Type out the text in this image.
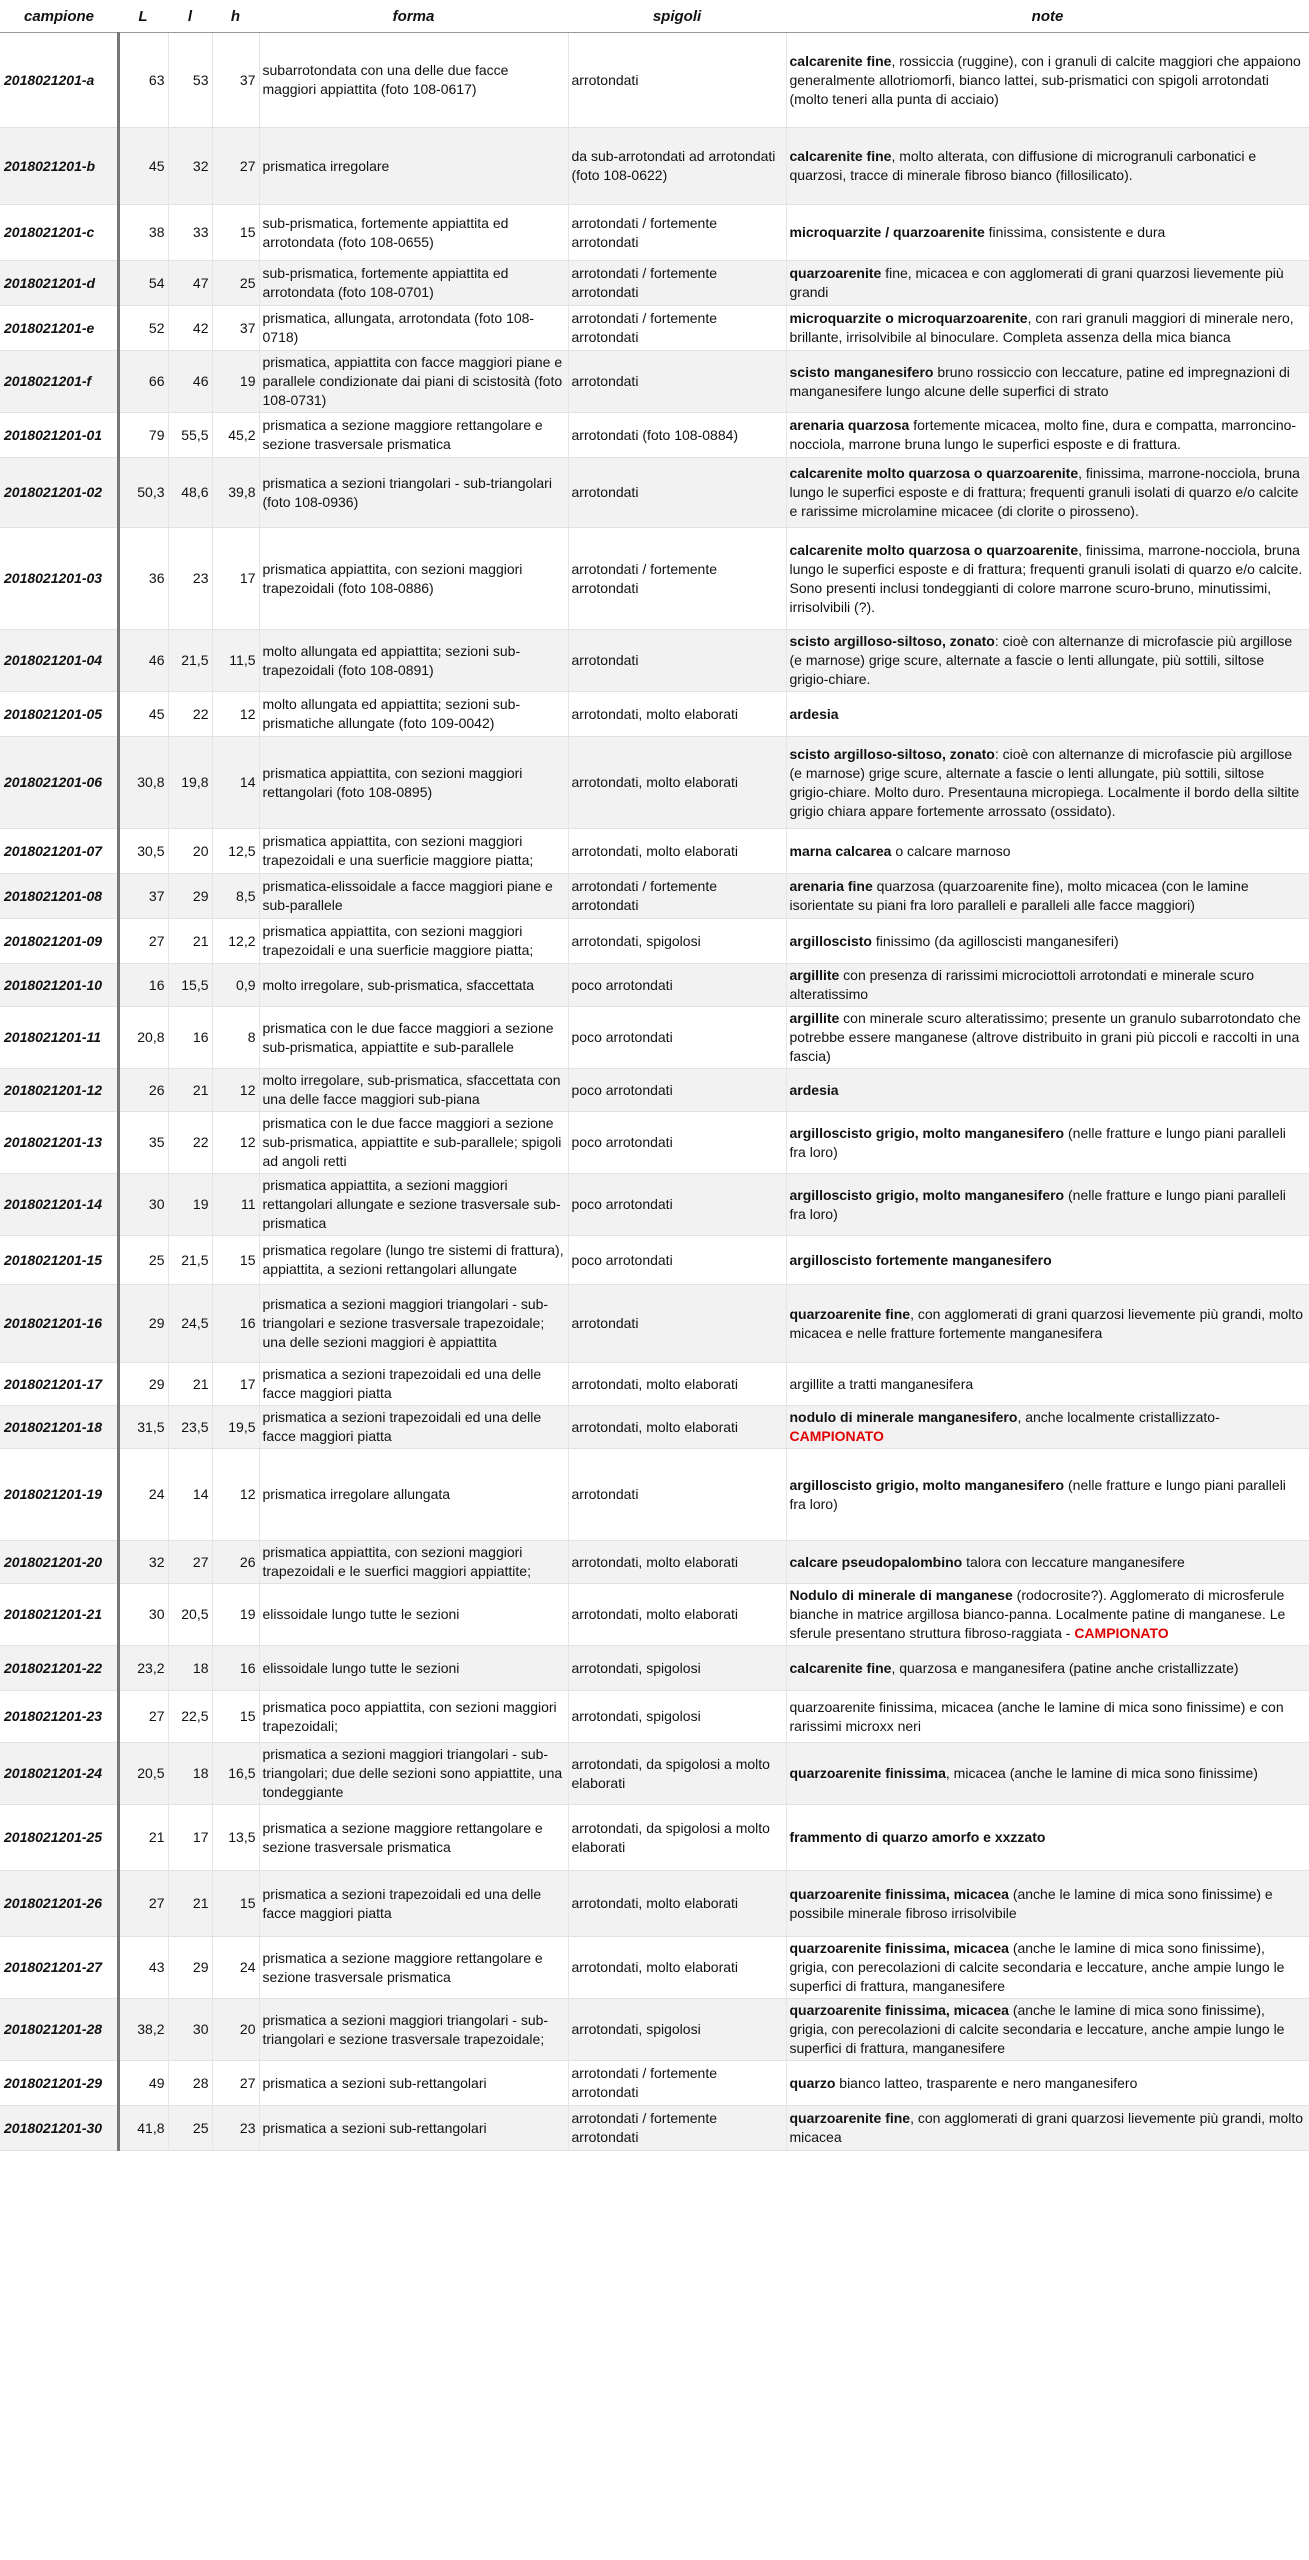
campione	L	l	h	forma	spigoli	note
2018021201-a	63	53	37	subarrotondata con una delle due facce maggiori appiattita (foto 108-0617)	arrotondati	calcarenite fine, rossiccia (ruggine), con i granuli di calcite maggiori che appaiono generalmente allotriomorfi, bianco lattei, sub-prismatici con spigoli arrotondati (molto teneri alla punta di acciaio)
2018021201-b	45	32	27	prismatica irregolare	da sub-arrotondati ad arrotondati (foto 108-0622)	calcarenite fine, molto alterata, con diffusione di microgranuli carbonatici e quarzosi, tracce di minerale fibroso bianco (fillosilicato).
2018021201-c	38	33	15	sub-prismatica, fortemente appiattita ed arrotondata (foto 108-0655)	arrotondati / fortemente arrotondati	microquarzite / quarzoarenite finissima, consistente e dura
2018021201-d	54	47	25	sub-prismatica, fortemente appiattita ed arrotondata (foto 108-0701)	arrotondati / fortemente arrotondati	quarzoarenite fine, micacea e con agglomerati di grani quarzosi lievemente più grandi
2018021201-e	52	42	37	prismatica, allungata, arrotondata (foto 108-0718)	arrotondati / fortemente arrotondati	microquarzite o microquarzoarenite, con rari granuli maggiori di minerale nero, brillante, irrisolvibile al binoculare. Completa assenza della mica bianca
2018021201-f	66	46	19	prismatica, appiattita con facce maggiori piane e parallele condizionate dai piani di scistosità (foto 108-0731)	arrotondati	scisto manganesifero bruno rossiccio con leccature, patine ed impregnazioni di manganesifere lungo alcune delle superfici di strato
2018021201-01	79	55,5	45,2	prismatica a sezione maggiore rettangolare e sezione trasversale prismatica	arrotondati (foto 108-0884)	arenaria quarzosa fortemente micacea, molto fine, dura e compatta, marroncino-nocciola, marrone bruna lungo le superfici esposte e di frattura.
2018021201-02	50,3	48,6	39,8	prismatica a sezioni triangolari - sub-triangolari (foto 108-0936)	arrotondati	calcarenite molto quarzosa o quarzoarenite, finissima, marrone-nocciola, bruna lungo le superfici esposte e di frattura; frequenti granuli isolati di quarzo e/o calcite e rarissime microlamine micacee (di clorite o pirosseno).
2018021201-03	36	23	17	prismatica appiattita, con sezioni maggiori trapezoidali (foto 108-0886)	arrotondati / fortemente arrotondati	calcarenite molto quarzosa o quarzoarenite, finissima, marrone-nocciola, bruna lungo le superfici esposte e di frattura; frequenti granuli isolati di quarzo e/o calcite. Sono presenti inclusi tondeggianti di colore marrone scuro-bruno, minutissimi, irrisolvibili (?).
2018021201-04	46	21,5	11,5	molto allungata ed appiattita; sezioni sub-trapezoidali (foto 108-0891)	arrotondati	scisto argilloso-siltoso, zonato: cioè con alternanze di microfascie più argillose (e marnose) grige scure, alternate a fascie o lenti allungate, più sottili, siltose grigio-chiare.
2018021201-05	45	22	12	molto allungata ed appiattita; sezioni sub-prismatiche allungate (foto 109-0042)	arrotondati, molto elaborati	ardesia
2018021201-06	30,8	19,8	14	prismatica appiattita, con sezioni maggiori rettangolari (foto 108-0895)	arrotondati, molto elaborati	scisto argilloso-siltoso, zonato: cioè con alternanze di microfascie più argillose (e marnose) grige scure, alternate a fascie o lenti allungate, più sottili, siltose grigio-chiare. Molto duro. Presentauna micropiega. Localmente il bordo della siltite grigio chiara appare fortemente arrossato (ossidato).
2018021201-07	30,5	20	12,5	prismatica appiattita, con sezioni maggiori trapezoidali e una suerficie maggiore piatta;	arrotondati, molto elaborati	marna calcarea o calcare marnoso
2018021201-08	37	29	8,5	prismatica-elissoidale a facce maggiori piane e sub-parallele	arrotondati / fortemente arrotondati	arenaria fine quarzosa (quarzoarenite fine), molto micacea (con le lamine isorientate su piani fra loro paralleli e paralleli alle facce maggiori)
2018021201-09	27	21	12,2	prismatica appiattita, con sezioni maggiori trapezoidali e una suerficie maggiore piatta;	arrotondati, spigolosi	argilloscisto finissimo (da agilloscisti manganesiferi)
2018021201-10	16	15,5	0,9	molto irregolare, sub-prismatica, sfaccettata	poco arrotondati	argillite con presenza di rarissimi microciottoli arrotondati e minerale scuro alteratissimo
2018021201-11	20,8	16	8	prismatica con le due facce maggiori a sezione sub-prismatica, appiattite e sub-parallele	poco arrotondati	argillite con minerale scuro alteratissimo; presente un granulo subarrotondato che potrebbe essere manganese (altrove distribuito in grani più piccoli e raccolti in una fascia)
2018021201-12	26	21	12	molto irregolare, sub-prismatica, sfaccettata con una delle facce maggiori sub-piana	poco arrotondati	ardesia
2018021201-13	35	22	12	prismatica con le due facce maggiori a sezione sub-prismatica, appiattite e sub-parallele; spigoli ad angoli retti	poco arrotondati	argilloscisto grigio, molto manganesifero (nelle fratture e lungo piani paralleli fra loro)
2018021201-14	30	19	11	prismatica appiattita, a sezioni maggiori rettangolari allungate e sezione trasversale sub-prismatica	poco arrotondati	argilloscisto grigio, molto manganesifero (nelle fratture e lungo piani paralleli fra loro)
2018021201-15	25	21,5	15	prismatica regolare (lungo tre sistemi di frattura), appiattita, a sezioni rettangolari allungate	poco arrotondati	argilloscisto fortemente manganesifero
2018021201-16	29	24,5	16	prismatica a sezioni maggiori triangolari - sub-triangolari e sezione trasversale trapezoidale; una delle sezioni maggiori è appiattita	arrotondati	quarzoarenite fine, con agglomerati di grani quarzosi lievemente più grandi, molto micacea e nelle fratture fortemente manganesifera
2018021201-17	29	21	17	prismatica a sezioni trapezoidali ed una delle facce maggiori piatta	arrotondati, molto elaborati	argillite a tratti manganesifera
2018021201-18	31,5	23,5	19,5	prismatica a sezioni trapezoidali ed una delle facce maggiori piatta	arrotondati, molto elaborati	nodulo di minerale manganesifero, anche localmente cristallizzato- CAMPIONATO
2018021201-19	24	14	12	prismatica irregolare allungata	arrotondati	argilloscisto grigio, molto manganesifero (nelle fratture e lungo piani paralleli fra loro)
2018021201-20	32	27	26	prismatica appiattita, con sezioni maggiori trapezoidali e le suerfici maggiori appiattite;	arrotondati, molto elaborati	calcare pseudopalombino talora con leccature manganesifere
2018021201-21	30	20,5	19	elissoidale lungo tutte le sezioni	arrotondati, molto elaborati	Nodulo di minerale di manganese (rodocrosite?). Agglomerato di microsferule bianche in matrice argillosa bianco-panna. Localmente patine di manganese. Le sferule presentano struttura fibroso-raggiata - CAMPIONATO
2018021201-22	23,2	18	16	elissoidale lungo tutte le sezioni	arrotondati, spigolosi	calcarenite fine, quarzosa e manganesifera (patine anche cristallizzate)
2018021201-23	27	22,5	15	prismatica poco appiattita, con sezioni maggiori trapezoidali;	arrotondati, spigolosi	quarzoarenite finissima, micacea (anche le lamine di mica sono finissime) e con rarissimi microxx neri
2018021201-24	20,5	18	16,5	prismatica a sezioni maggiori triangolari - sub-triangolari; due delle sezioni sono appiattite, una tondeggiante	arrotondati, da spigolosi a molto elaborati	quarzoarenite finissima, micacea (anche le lamine di mica sono finissime)
2018021201-25	21	17	13,5	prismatica a sezione maggiore rettangolare e sezione trasversale prismatica	arrotondati, da spigolosi a molto elaborati	frammento di quarzo amorfo e xxzzato
2018021201-26	27	21	15	prismatica a sezioni trapezoidali ed una delle facce maggiori piatta	arrotondati, molto elaborati	quarzoarenite finissima, micacea (anche le lamine di mica sono finissime) e possibile minerale fibroso irrisolvibile
2018021201-27	43	29	24	prismatica a sezione maggiore rettangolare e sezione trasversale prismatica	arrotondati, molto elaborati	quarzoarenite finissima, micacea (anche le lamine di mica sono finissime), grigia, con perecolazioni di calcite secondaria e leccature, anche ampie lungo le superfici di frattura, manganesifere
2018021201-28	38,2	30	20	prismatica a sezioni maggiori triangolari - sub-triangolari e sezione trasversale trapezoidale;	arrotondati, spigolosi	quarzoarenite finissima, micacea (anche le lamine di mica sono finissime), grigia, con perecolazioni di calcite secondaria e leccature, anche ampie lungo le superfici di frattura, manganesifere
2018021201-29	49	28	27	prismatica a sezioni sub-rettangolari	arrotondati / fortemente arrotondati	quarzo bianco latteo, trasparente e nero manganesifero
2018021201-30	41,8	25	23	prismatica a sezioni sub-rettangolari	arrotondati / fortemente arrotondati	quarzoarenite fine, con agglomerati di grani quarzosi lievemente più grandi, molto micacea
